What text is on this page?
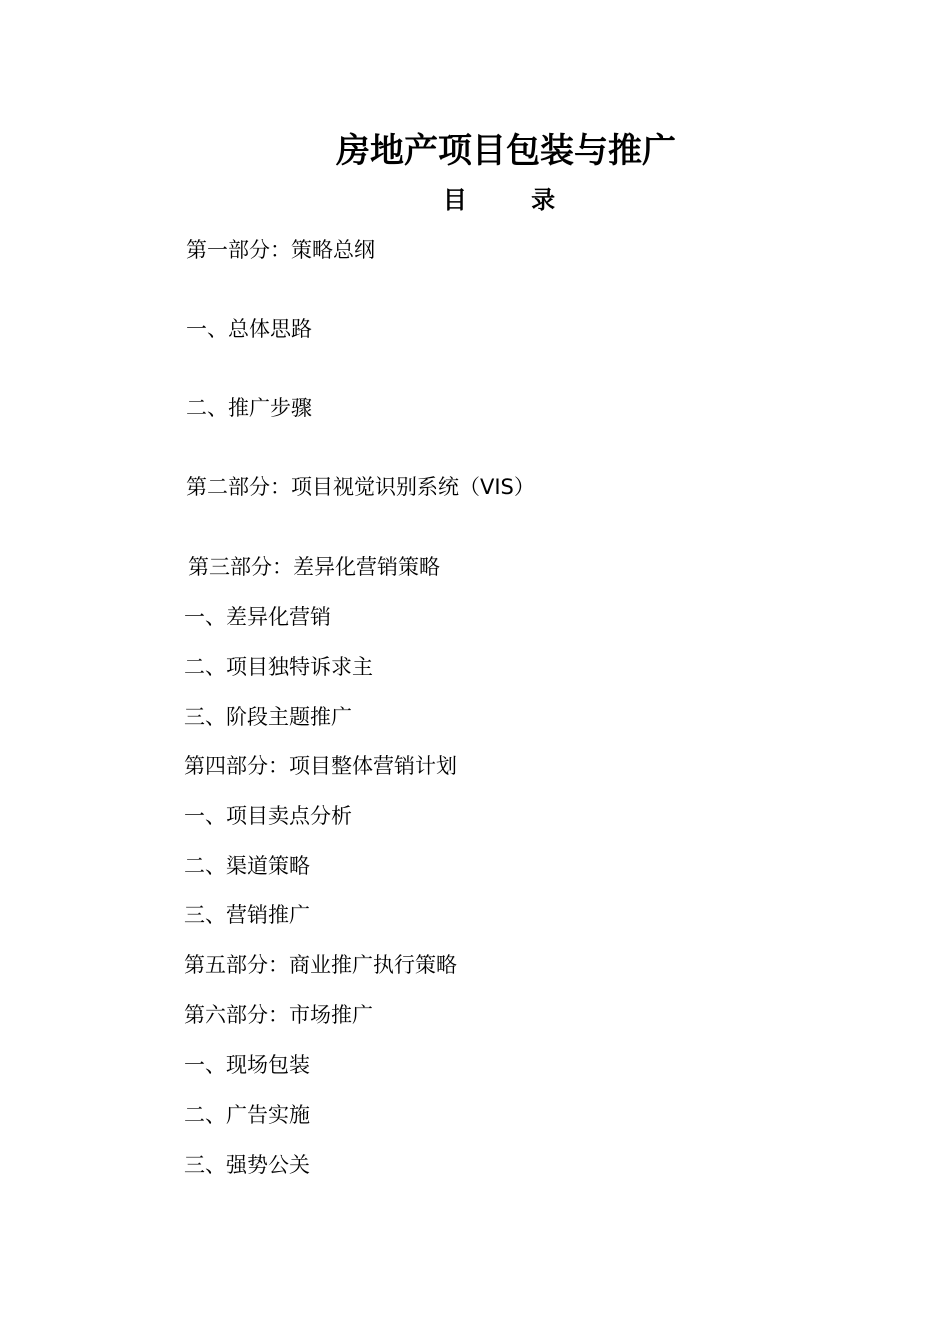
房地产项目包装与推广
目 录
第一部分：策略总纲
一、总体思路
二、推广步骤
第二部分：项目视觉识别系统（VIS）
第三部分：差异化营销策略
一、差异化营销
二、项目独特诉求主
三、阶段主题推广
第四部分：项目整体营销计划
一、项目卖点分析
二、渠道策略
三、营销推广
第五部分：商业推广执行策略
第六部分：市场推广
一、现场包装
二、广告实施
三、强势公关
